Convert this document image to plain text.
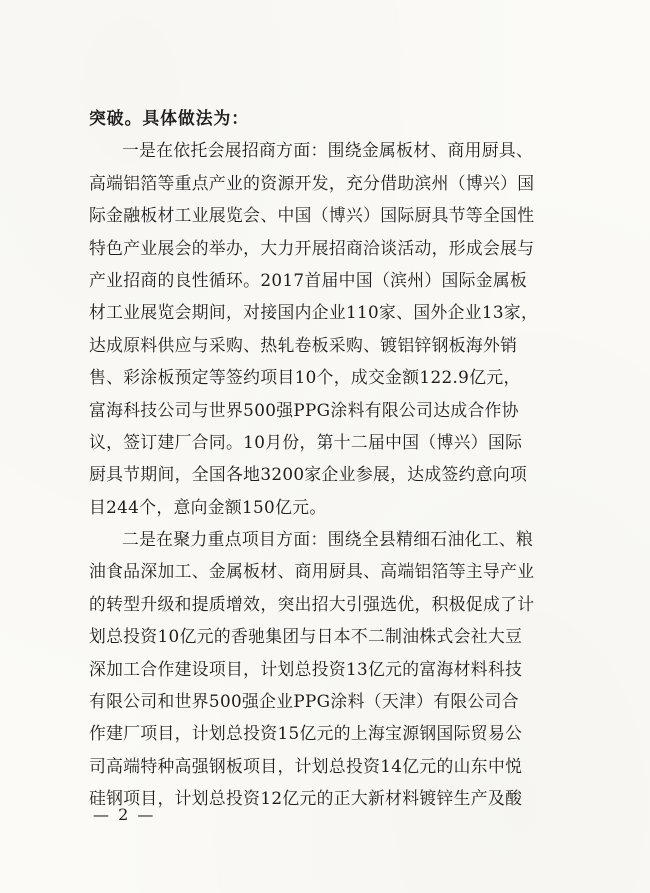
突破。具体做法为：
一是在依托会展招商方面：围绕金属板材、商用厨具、
高端铝箔等重点产业的资源开发，充分借助滨州（博兴）国
际金融板材工业展览会、中国（博兴）国际厨具节等全国性
特色产业展会的举办，大力开展招商洽谈活动，形成会展与
产业招商的良性循环。2017首届中国（滨州）国际金属板
材工业展览会期间，对接国内企业110家、国外企业13家，
达成原料供应与采购、热轧卷板采购、镀铝锌钢板海外销
售、彩涂板预定等签约项目10个，成交金额122.9亿元，
富海科技公司与世界500强PPG涂料有限公司达成合作协
议，签订建厂合同。10月份，第十二届中国（博兴）国际
厨具节期间，全国各地3200家企业参展，达成签约意向项
目244个，意向金额150亿元。
二是在聚力重点项目方面：围绕全县精细石油化工、粮
油食品深加工、金属板材、商用厨具、高端铝箔等主导产业
的转型升级和提质增效，突出招大引强选优，积极促成了计
划总投资10亿元的香驰集团与日本不二制油株式会社大豆
深加工合作建设项目，计划总投资13亿元的富海材料科技
有限公司和世界500强企业PPG涂料（天津）有限公司合
作建厂项目，计划总投资15亿元的上海宝源钢国际贸易公
司高端特种高强钢板项目，计划总投资14亿元的山东中悦
硅钢项目，计划总投资12亿元的正大新材料镀锌生产及酸
— 2 —
